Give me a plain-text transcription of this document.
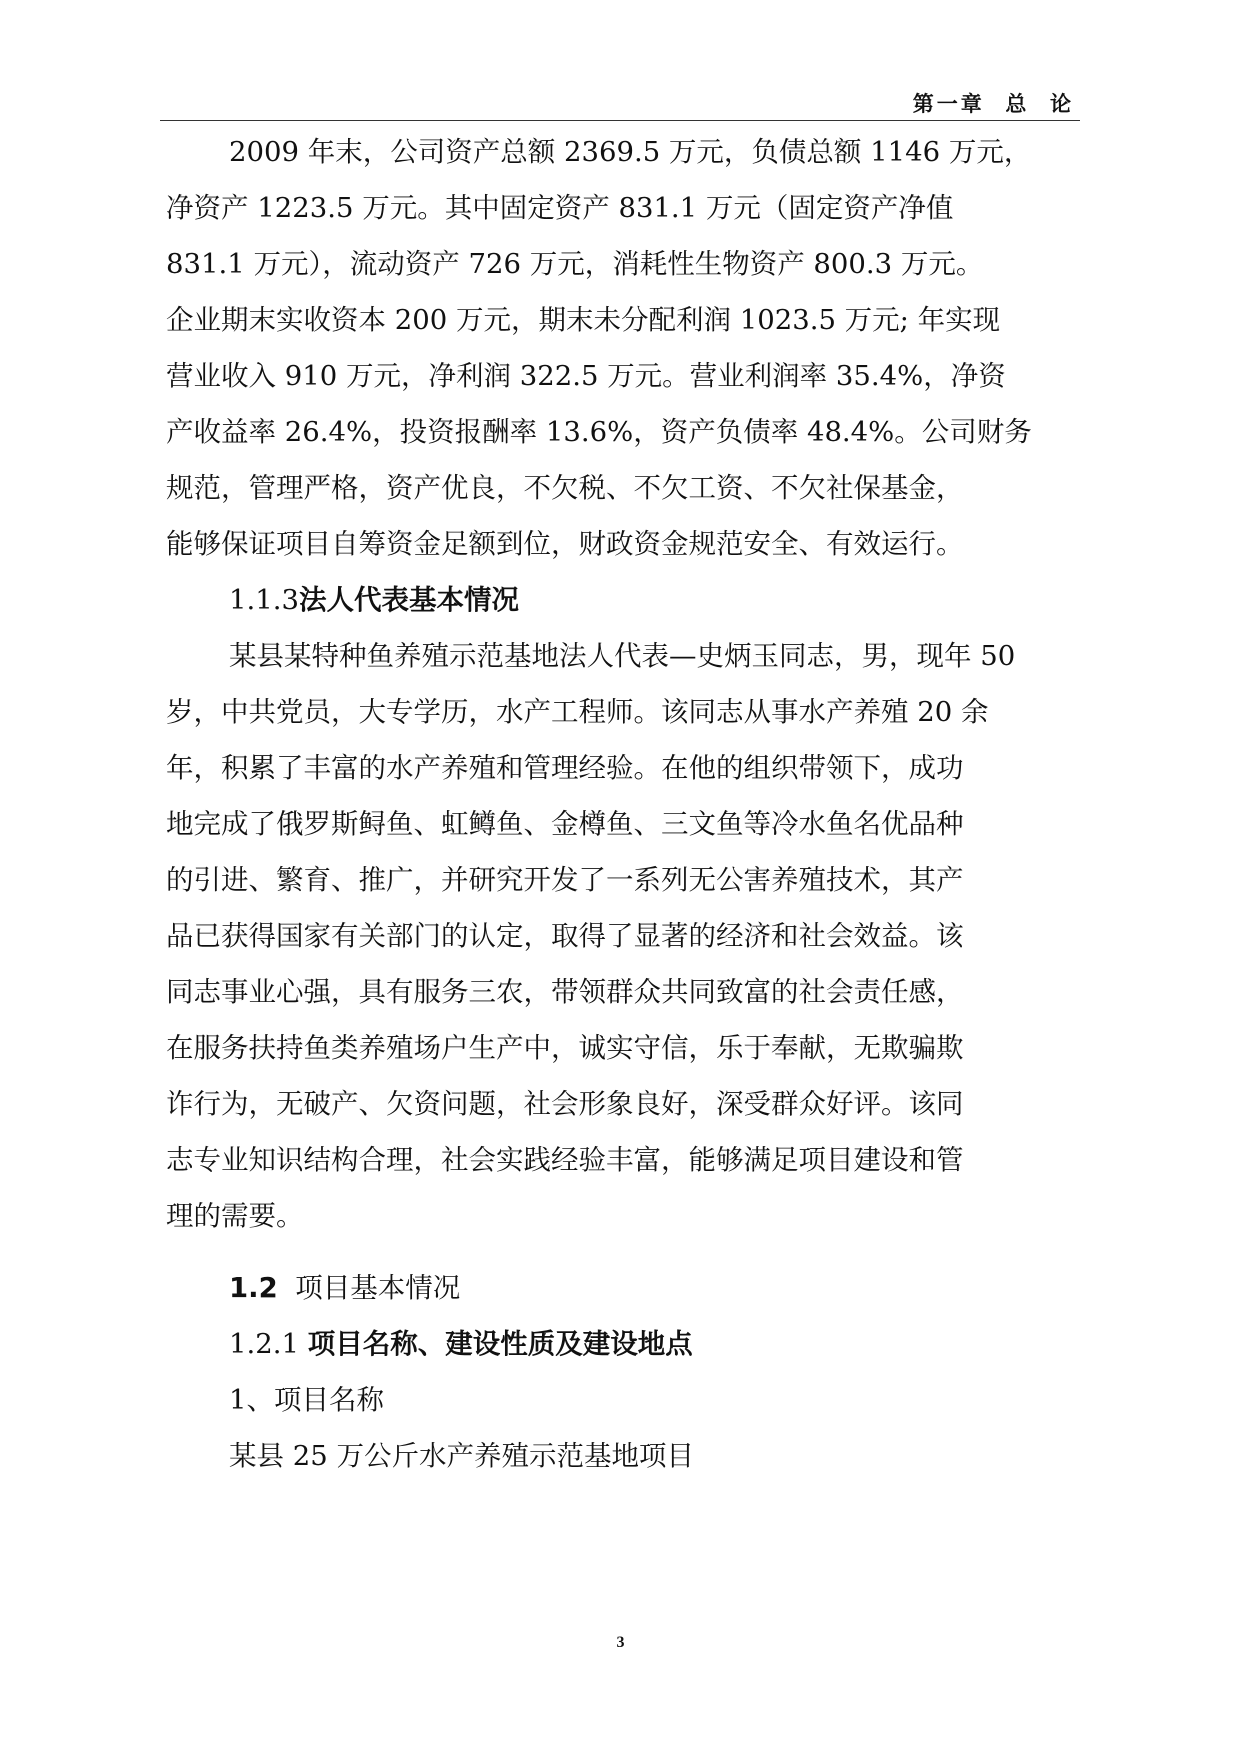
第一章  总  论
2009 年末，公司资产总额 2369.5 万元，负债总额 1146 万元，
净资产 1223.5 万元。其中固定资产 831.1 万元（固定资产净值
831.1 万元），流动资产 726 万元，消耗性生物资产 800.3 万元。
企业期末实收资本 200 万元，期末未分配利润 1023.5 万元; 年实现
营业收入 910 万元，净利润 322.5 万元。营业利润率 35.4%，净资
产收益率 26.4%，投资报酬率 13.6%，资产负债率 48.4%。公司财务
规范，管理严格，资产优良，不欠税、不欠工资、不欠社保基金，
能够保证项目自筹资金足额到位，财政资金规范安全、有效运行。
1.1.3法人代表基本情况
某县某特种鱼养殖示范基地法人代表—史炳玉同志，男，现年 50
岁，中共党员，大专学历，水产工程师。该同志从事水产养殖 20 余
年，积累了丰富的水产养殖和管理经验。在他的组织带领下，成功
地完成了俄罗斯鲟鱼、虹鳟鱼、金樽鱼、三文鱼等冷水鱼名优品种
的引进、繁育、推广，并研究开发了一系列无公害养殖技术，其产
品已获得国家有关部门的认定，取得了显著的经济和社会效益。该
同志事业心强，具有服务三农，带领群众共同致富的社会责任感，
在服务扶持鱼类养殖场户生产中，诚实守信，乐于奉献，无欺骗欺
诈行为，无破产、欠资问题，社会形象良好，深受群众好评。该同
志专业知识结构合理，社会实践经验丰富，能够满足项目建设和管
理的需要。
1.2 项目基本情况
1.2.1 项目名称、建设性质及建设地点
1、项目名称
某县 25 万公斤水产养殖示范基地项目
3
